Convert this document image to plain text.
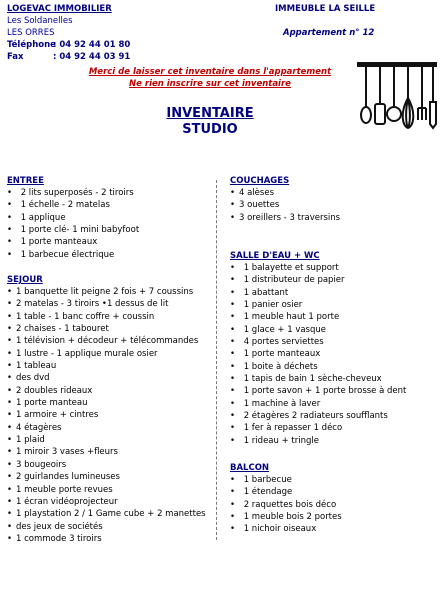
LOGEVAC IMMOBILIER
Les Soldanelles
LES ORRES
Téléphone: 04 92 44 01 80
Fax	: 04 92 44 03 91
IMMEUBLE LA SEILLE
Appartement n° 12
Merci de laisser cet inventaire dans l'appartement
Ne rien inscrire sur cet inventaire
INVENTAIRE
STUDIO
ENTREE
• 2 lits superposés - 2 tiroirs
• 1 échelle - 2 matelas
• 1 applique
• 1 porte clé- 1 mini babyfoot
• 1 porte manteaux
• 1 barbecue électrique
SEJOUR
• 1 banquette lit peigne 2 fois + 7 coussins
• 2 matelas - 3 tiroirs •1 dessus de lit
• 1 table - 1 banc coffre + coussin
• 2 chaises - 1 tabouret
• 1 télévision + décodeur + télécommandes
• 1 lustre - 1 applique murale osier
• 1 tableau
• des dvd
• 2 doubles rideaux
• 1 porte manteau
• 1 armoire + cintres
• 4 étagères
• 1 plaid
• 1 miroir 3 vases +fleurs
• 3 bougeoirs
• 2 guirlandes lumineuses
• 1 meuble porte revues
• 1 écran vidéoprojecteur
• 1 playstation 2 / 1 Game cube + 2 manettes
• des jeux de sociétés
• 1 commode 3 tiroirs
COUCHAGES
• 4 alèses
• 3 ouettes
• 3 oreillers - 3 traversins
SALLE D'EAU + WC
• 1 balayette et support
• 1 distributeur de papier
• 1 abattant
• 1 panier osier
• 1 meuble haut 1 porte
• 1 glace + 1 vasque
• 4 portes serviettes
• 1 porte manteaux
• 1 boite à déchets
• 1 tapis de bain 1 sèche-cheveux
• 1 porte savon + 1 porte brosse à dent
• 1 machine à laver
• 2 étagères 2 radiateurs soufflants
• 1 fer à repasser 1 déco
• 1 rideau + tringle
BALCON
• 1 barbecue
• 1 étendage
• 2 raquettes bois déco
• 1 meuble bois 2 portes
• 1 nichoir oiseaux
